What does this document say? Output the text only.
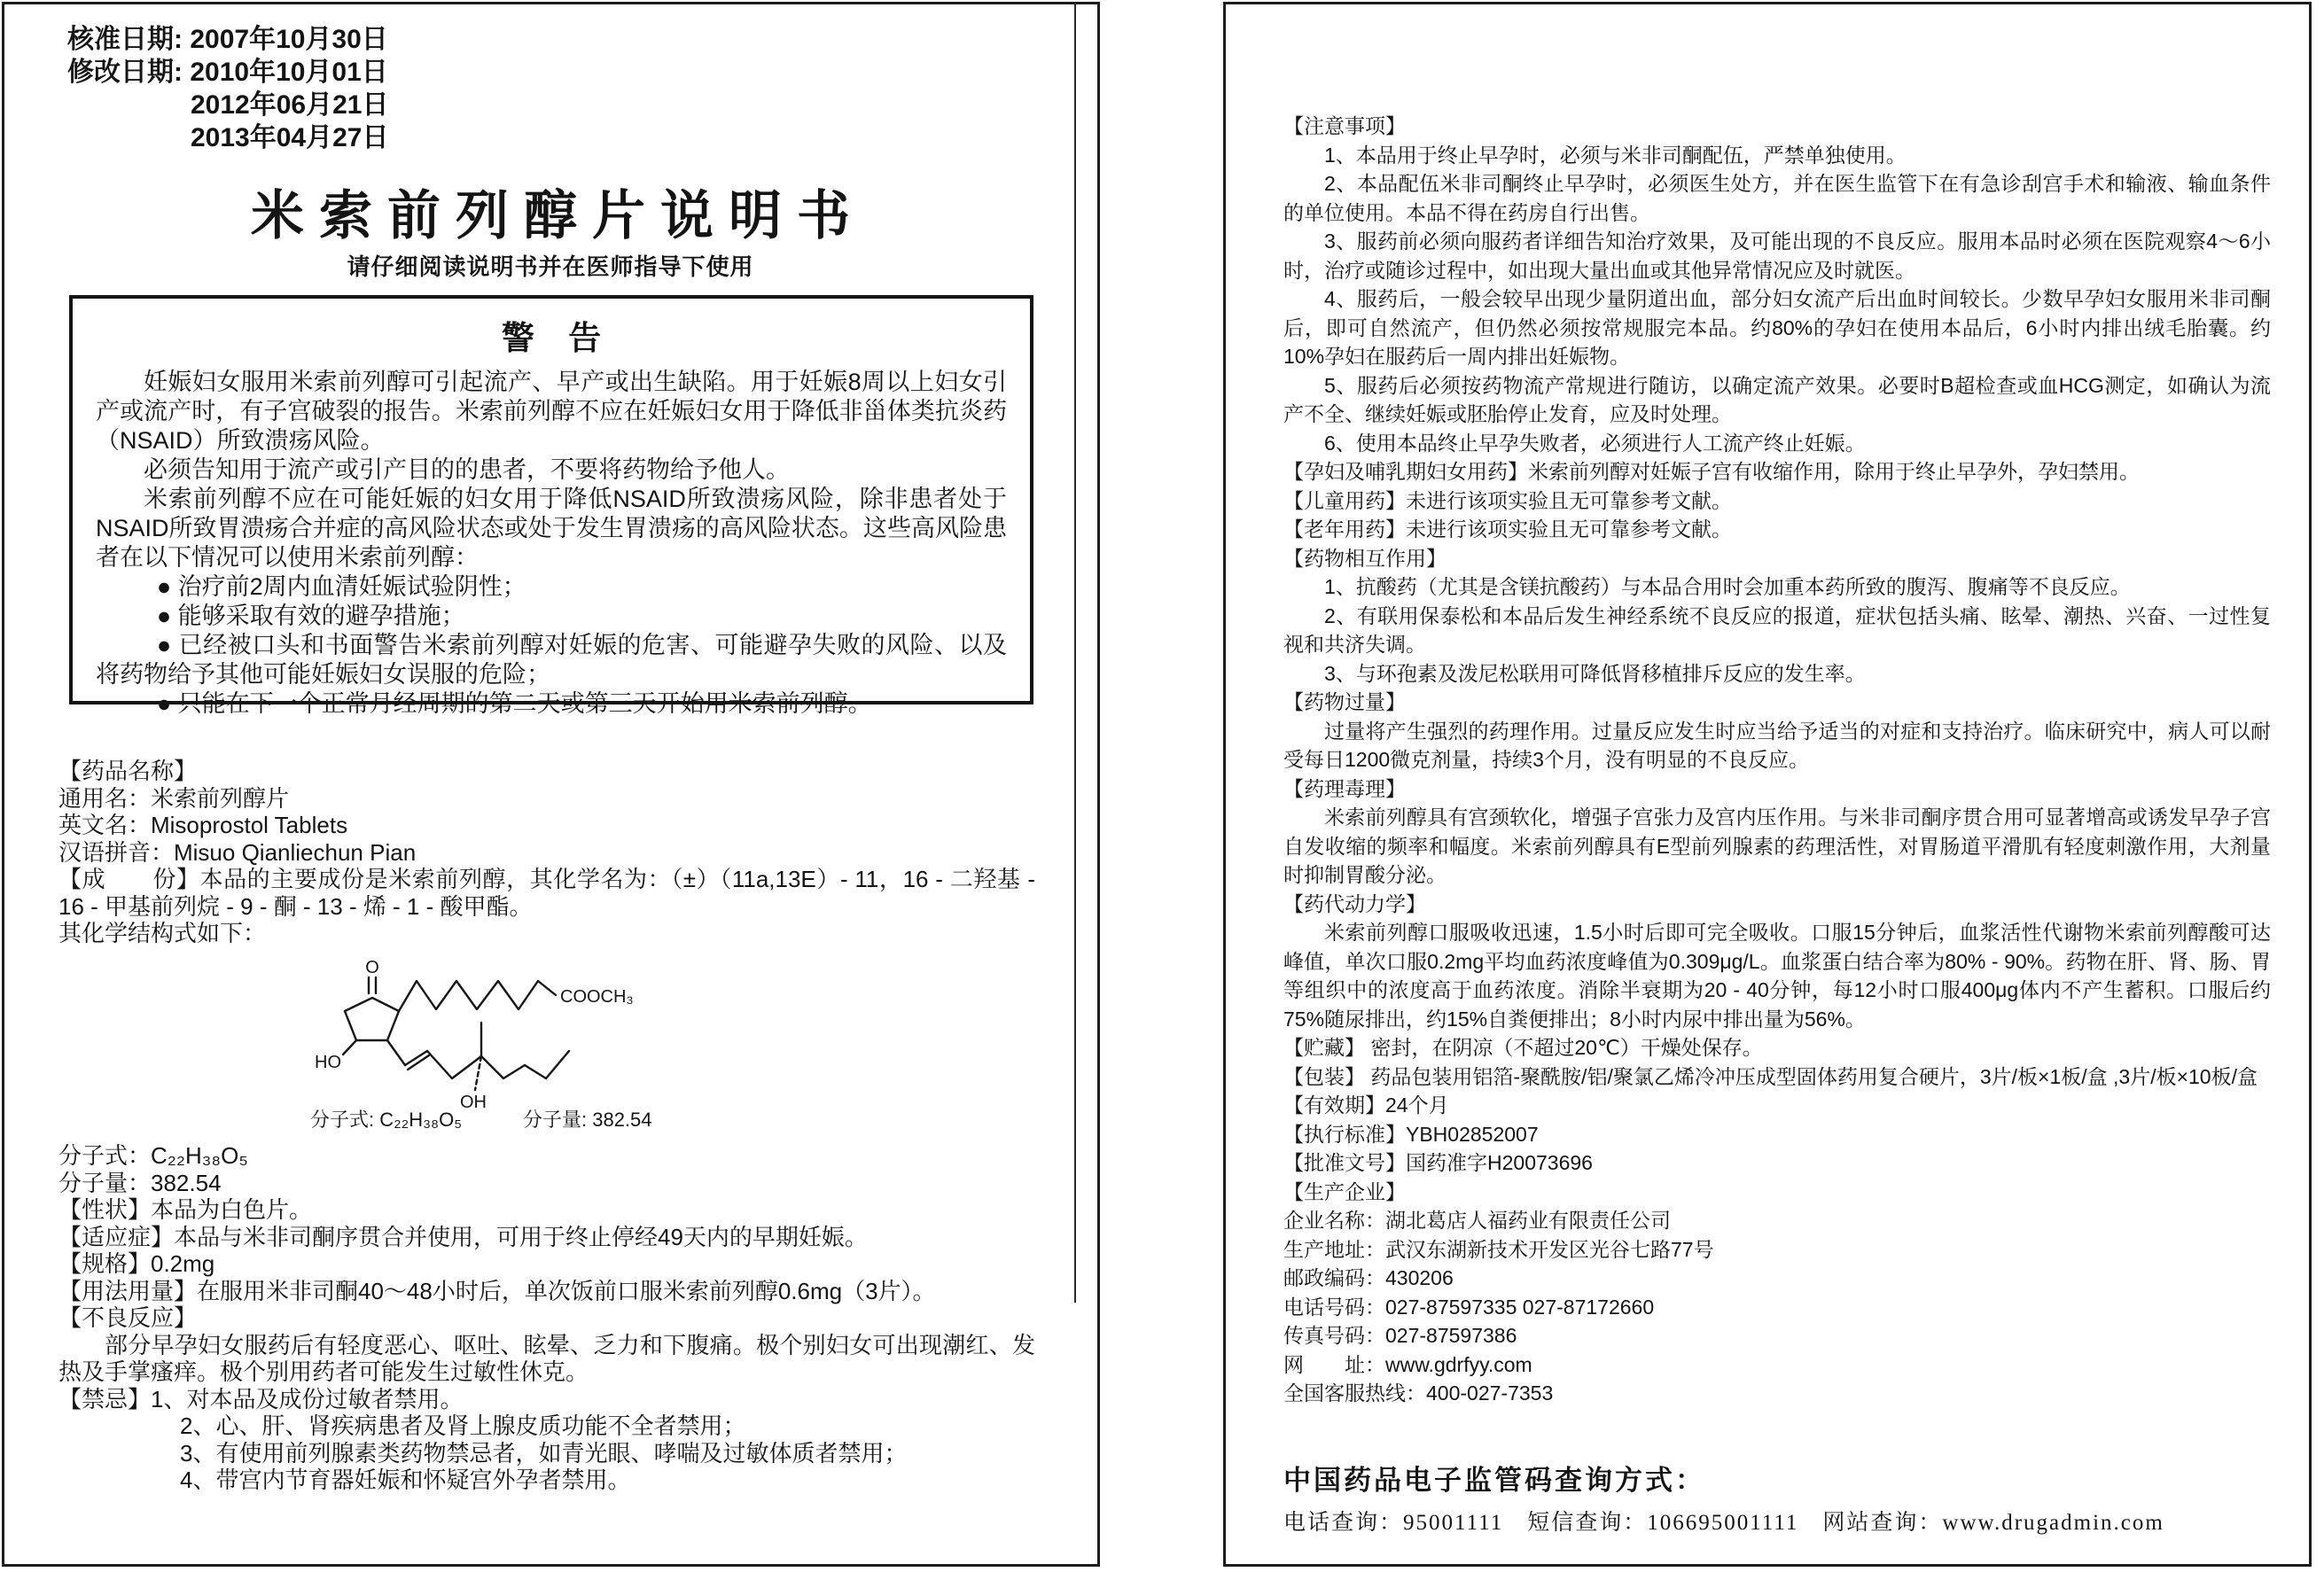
核准日期: 2007年10月30日

修改日期: 2010年10月01日

2012年06月21日

2013年04月27日

米索前列醇片说明书
请仔细阅读说明书并在医师指导下使用
警 告

妊娠妇女服用米索前列醇可引起流产、早产或出生缺陷。用于妊娠8周以上妇女引产或流产时，有子宫破裂的报告。米索前列醇不应在妊娠妇女用于降低非甾体类抗炎药（NSAID）所致溃疡风险。

必须告知用于流产或引产目的的患者，不要将药物给予他人。

米索前列醇不应在可能妊娠的妇女用于降低NSAID所致溃疡风险，除非患者处于NSAID所致胃溃疡合并症的高风险状态或处于发生胃溃疡的高风险状态。这些高风险患者在以下情况可以使用米索前列醇：

● 治疗前2周内血清妊娠试验阴性；

● 能够采取有效的避孕措施；

● 已经被口头和书面警告米索前列醇对妊娠的危害、可能避孕失败的风险、以及将药物给予其他可能妊娠妇女误服的危险；

● 只能在下一个正常月经周期的第二天或第三天开始用米索前列醇。

【药品名称】

通用名：米索前列醇片

英文名：Misoprostol Tablets

汉语拼音：Misuo Qianliechun Pian

【成　　份】本品的主要成份是米索前列醇，其化学名为：（±）（11a,13E）- 11，16 - 二羟基 - 16 - 甲基前列烷 - 9 - 酮 - 13 - 烯 - 1 - 酸甲酯。

其化学结构式如下：

O
HO
COOCH₃
OH
分子式: C₂₂H₃₈O₅	分子量: 382.54

分子式：C₂₂H₃₈O₅

分子量：382.54

【性状】本品为白色片。

【适应症】本品与米非司酮序贯合并使用，可用于终止停经49天内的早期妊娠。

【规格】0.2mg

【用法用量】在服用米非司酮40～48小时后，单次饭前口服米索前列醇0.6mg（3片）。

【不良反应】

部分早孕妇女服药后有轻度恶心、呕吐、眩晕、乏力和下腹痛。极个别妇女可出现潮红、发热及手掌瘙痒。极个别用药者可能发生过敏性休克。

【禁忌】1、对本品及成份过敏者禁用。

2、心、肝、肾疾病患者及肾上腺皮质功能不全者禁用；

3、有使用前列腺素类药物禁忌者，如青光眼、哮喘及过敏体质者禁用；

4、带宫内节育器妊娠和怀疑宫外孕者禁用。

【注意事项】

1、本品用于终止早孕时，必须与米非司酮配伍，严禁单独使用。

2、本品配伍米非司酮终止早孕时，必须医生处方，并在医生监管下在有急诊刮宫手术和输液、输血条件的单位使用。本品不得在药房自行出售。

3、服药前必须向服药者详细告知治疗效果，及可能出现的不良反应。服用本品时必须在医院观察4～6小时，治疗或随诊过程中，如出现大量出血或其他异常情况应及时就医。

4、服药后，一般会较早出现少量阴道出血，部分妇女流产后出血时间较长。少数早孕妇女服用米非司酮后，即可自然流产，但仍然必须按常规服完本品。约80%的孕妇在使用本品后，6小时内排出绒毛胎囊。约10%孕妇在服药后一周内排出妊娠物。

5、服药后必须按药物流产常规进行随访，以确定流产效果。必要时B超检查或血HCG测定，如确认为流产不全、继续妊娠或胚胎停止发育，应及时处理。

6、使用本品终止早孕失败者，必须进行人工流产终止妊娠。

【孕妇及哺乳期妇女用药】米索前列醇对妊娠子宫有收缩作用，除用于终止早孕外，孕妇禁用。

【儿童用药】未进行该项实验且无可靠参考文献。

【老年用药】未进行该项实验且无可靠参考文献。

【药物相互作用】

1、抗酸药（尤其是含镁抗酸药）与本品合用时会加重本药所致的腹泻、腹痛等不良反应。

2、有联用保泰松和本品后发生神经系统不良反应的报道，症状包括头痛、眩晕、潮热、兴奋、一过性复视和共济失调。

3、与环孢素及泼尼松联用可降低肾移植排斥反应的发生率。

【药物过量】

过量将产生强烈的药理作用。过量反应发生时应当给予适当的对症和支持治疗。临床研究中，病人可以耐受每日1200微克剂量，持续3个月，没有明显的不良反应。

【药理毒理】

米索前列醇具有宫颈软化，增强子宫张力及宫内压作用。与米非司酮序贯合用可显著增高或诱发早孕子宫自发收缩的频率和幅度。米索前列醇具有E型前列腺素的药理活性，对胃肠道平滑肌有轻度刺激作用，大剂量时抑制胃酸分泌。

【药代动力学】

米索前列醇口服吸收迅速，1.5小时后即可完全吸收。口服15分钟后，血浆活性代谢物米索前列醇酸可达峰值，单次口服0.2mg平均血药浓度峰值为0.309μg/L。血浆蛋白结合率为80% - 90%。药物在肝、肾、肠、胃等组织中的浓度高于血药浓度。消除半衰期为20 - 40分钟，每12小时口服400μg体内不产生蓄积。口服后约75%随尿排出，约15%自粪便排出；8小时内尿中排出量为56%。

【贮藏】 密封，在阴凉（不超过20℃）干燥处保存。

【包装】 药品包装用铝箔-聚酰胺/铝/聚氯乙烯冷冲压成型固体药用复合硬片，3片/板×1板/盒 ,3片/板×10板/盒

【有效期】24个月

【执行标准】YBH02852007

【批准文号】国药准字H20073696

【生产企业】

企业名称：湖北葛店人福药业有限责任公司

生产地址：武汉东湖新技术开发区光谷七路77号

邮政编码：430206

电话号码：027-87597335 027-87172660

传真号码：027-87597386

网　　址：www.gdrfyy.com

全国客服热线：400-027-7353

中国药品电子监管码查询方式：

电话查询：95001111　短信查询：106695001111　网站查询：www.drugadmin.com
